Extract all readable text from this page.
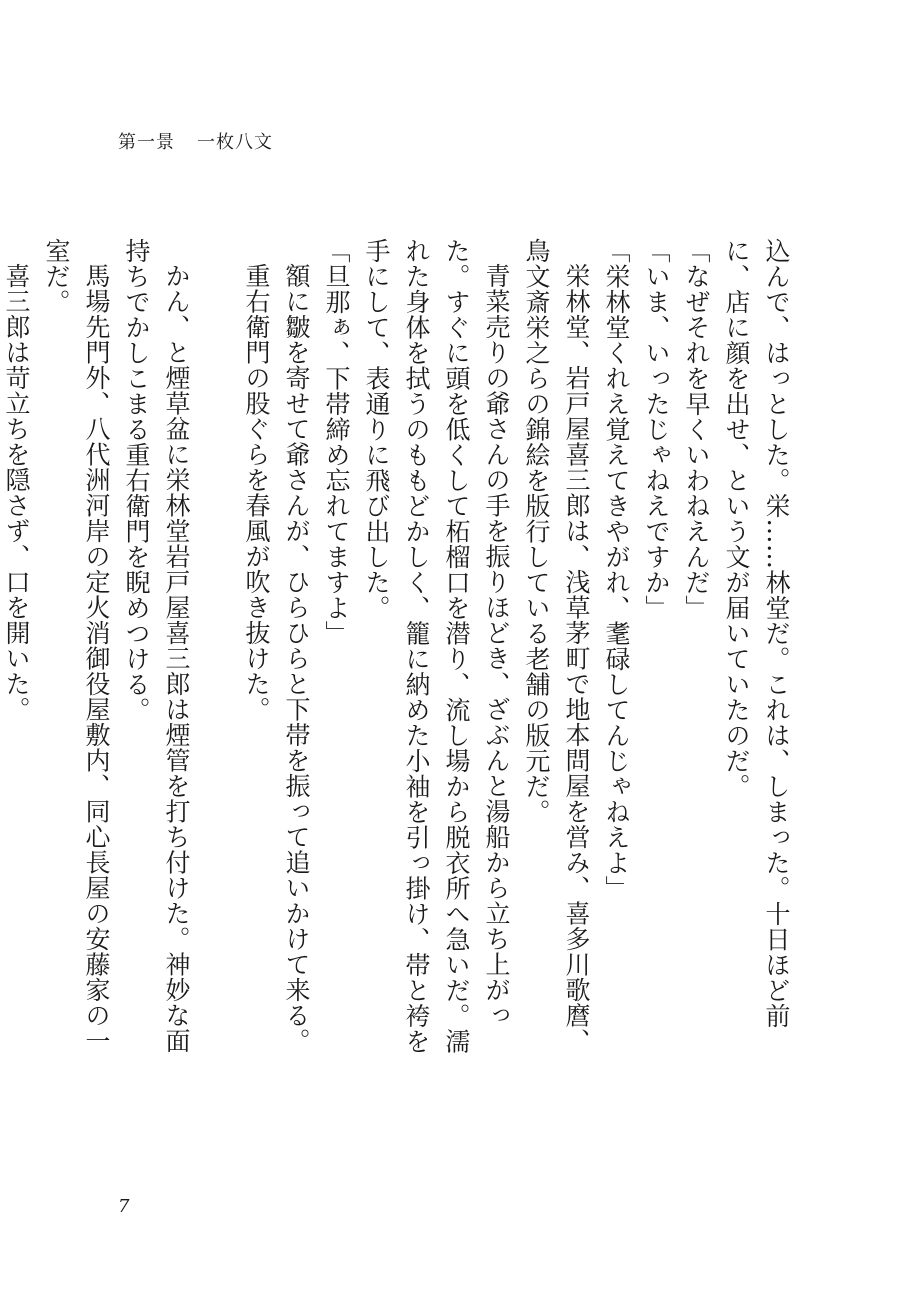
第一景 一枚八文

込んで、はっとした。栄……林堂だ。これは、しまった。十日ほど前に、店に顔を出せ、という文が届いていたのだ。

「なぜそれを早くいわねえんだ」

「いま、いったじゃねえですか」

「栄林堂くれえ覚えてきやがれ、耄碌してんじゃねえよ」

栄林堂、岩戸屋喜三郎は、浅草茅町で地本問屋を営み、喜多川歌麿、鳥文斎栄之らの錦絵を版行している老舗の版元だ。

青菜売りの爺さんの手を振りほどき、ざぶんと湯船から立ち上がった。すぐに頭を低くして柘榴口を潜り、流し場から脱衣所へ急いだ。濡れた身体を拭うのももどかしく、籠に納めた小袖を引っ掛け、帯と袴を手にして、表通りに飛び出した。

「旦那ぁ、下帯締め忘れてますよ」

額に皺を寄せて爺さんが、ひらひらと下帯を振って追いかけて来る。

重右衛門の股ぐらを春風が吹き抜けた。

かん、と煙草盆に栄林堂岩戸屋喜三郎は煙管を打ち付けた。神妙な面持ちでかしこまる重右衛門を睨めつける。

馬場先門外、八代洲河岸の定火消御役屋敷内、同心長屋の安藤家の一室だ。

喜三郎は苛立ちを隠さず、口を開いた。

7
